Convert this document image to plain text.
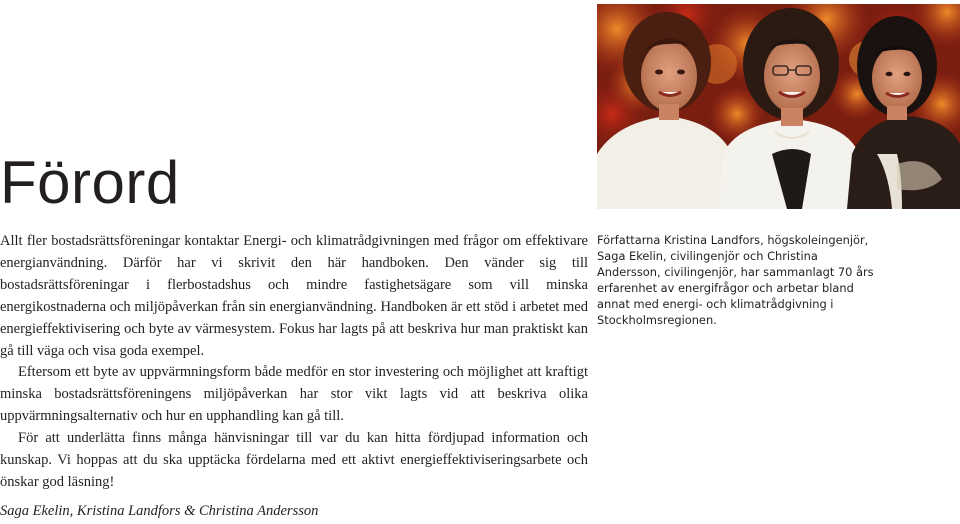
Förord

Allt fler bostadsrättsföreningar kontaktar Energi- och klimatrådgivningen med frågor om effektivare energianvändning. Därför har vi skrivit den här handboken. Den vänder sig till bostadsrättsföreningar i flerbostadshus och mindre fastighetsägare som vill minska energikostnaderna och miljöpåverkan från sin energianvändning. Handboken är ett stöd i arbetet med energieffektivisering och byte av värmesystem. Fokus har lagts på att beskriva hur man praktiskt kan gå till väga och visa goda exempel.

Eftersom ett byte av uppvärmningsform både medför en stor investering och möjlighet att kraftigt minska bostadsrättsföreningens miljöpåverkan har stor vikt lagts vid att beskriva olika uppvärmningsalternativ och hur en upphandling kan gå till.

För att underlätta finns många hänvisningar till var du kan hitta fördjupad information och kunskap. Vi hoppas att du ska upptäcka fördelarna med ett aktivt energieffektiviseringsarbete och önskar god läsning!

Saga Ekelin, Kristina Landfors & Christina Andersson
Författarna Kristina Landfors, högskoleingenjör, Saga Ekelin, civilingenjör och Christina Andersson, civilingenjör, har sammanlagt 70 års erfarenhet av energifrågor och arbetar bland annat med energi- och klimatrådgivning i Stockholmsregionen.
